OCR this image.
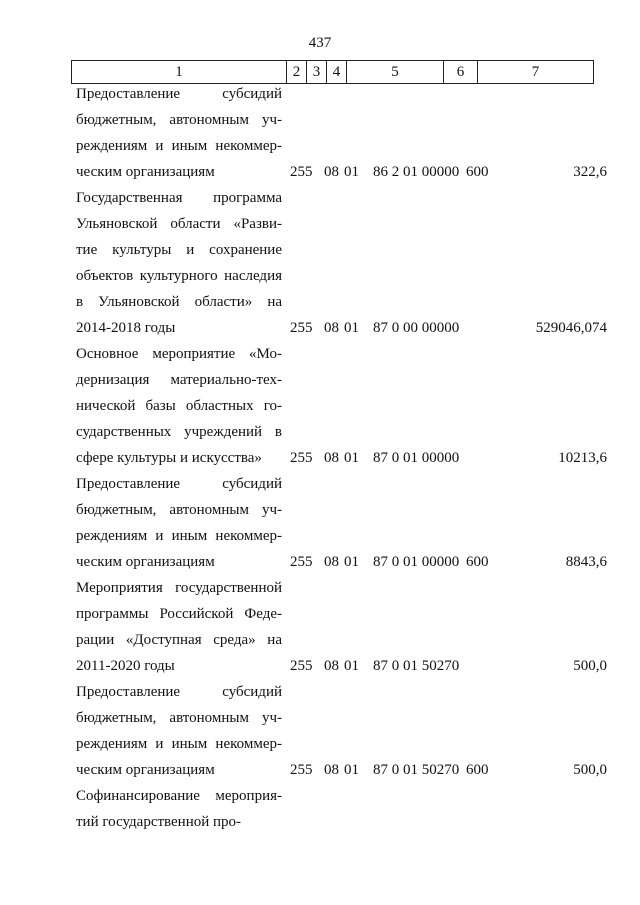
437
1	2	3	4	5	6	7
Предоставление субсидий
бюджетным, автономным уч-
реждениям и иным некоммер-
ческим организациям	255 08 01 86 2 01 00000 600	322,6
Государственная программа
Ульяновской области «Разви-
тие культуры и сохранение
объектов культурного наследия
в Ульяновской области» на
2014-2018 годы	255 08 01 87 0 00 00000	529046,074
Основное мероприятие «Мо-
дернизация материально-тех-
нической базы областных го-
сударственных учреждений в
сфере культуры и искусства»	255 08 01 87 0 01 00000	10213,6
Предоставление субсидий
бюджетным, автономным уч-
реждениям и иным некоммер-
ческим организациям	255 08 01 87 0 01 00000 600	8843,6
Мероприятия государственной
программы Российской Феде-
рации «Доступная среда» на
2011-2020 годы	255 08 01 87 0 01 50270	500,0
Предоставление субсидий
бюджетным, автономным уч-
реждениям и иным некоммер-
ческим организациям	255 08 01 87 0 01 50270 600	500,0
Софинансирование мероприя-
тий государственной про-
